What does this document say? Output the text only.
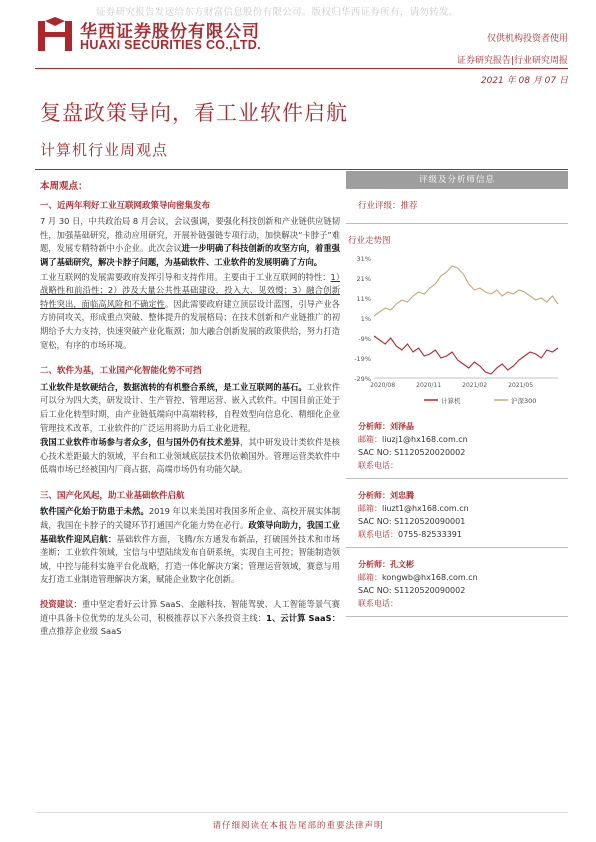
证券研究报告发送给东方财富信息股份有限公司。版权归华西证券所有，请勿转发。
华西证券股份有限公司
HUAXI SECURITIES CO.,LTD.	仅供机构投资者使用
证券研究报告|行业研究周报
2021 年 08 月 07 日
复盘政策导向，看工业软件启航
计算机行业周观点
本周观点：
一、近两年利好工业互联网政策导向密集发布

7 月 30 日，中共政治局 8 月会议，会议强调，要强化科技创新和产业链供应链韧性，加强基础研究，推动应用研究，开展补链强链专项行动，加快解决“卡脖子”难题，发展专精特新中小企业。此次会议进一步明确了科技创新的攻坚方向，着重强调了基础研究，解决卡脖子问题，为基础软件、工业软件的发展明确了方向。

工业互联网的发展需要政府发挥引导和支持作用。主要由于工业互联网的特性：1）战略性和前沿性；2）涉及大量公共性基础建设，投入大、见效慢；3）融合创新特性突出，面临高风险和不确定性。因此需要政府建立顶层设计蓝图，引导产业各方协同攻关，形成重点突破、整体提升的发展格局；在技术创新和产业链推广的初期给予大力支持，快速突破产业化瓶颈；加大融合创新发展的政策供给，努力打造宽松，有序的市场环境。

二、软件为基，工业国产化智能化势不可挡

工业软件是软硬结合，数据流转的有机整合系统，是工业互联网的基石。工业软件可以分为四大类，研发设计、生产管控、管理运营、嵌入式软件。中国目前正处于后工业化转型时期，由产业链低端向中高端转移，自程效型向信息化、精细化企业管理技术改革，工业软件的广泛运用将助力后工业化进程。

我国工业软件市场参与者众多，但与国外仍有技术差异，其中研发设计类软件是核心技术差距最大的领域，平台和工业领域底层技术仍依赖国外。管理运营类软件中低端市场已经被国内厂商占据，高端市场仍有功能欠缺。

三、国产化风起，助工业基础软件启航

软件国产化始于防患于未然。2019 年以来美国对我国多所企业、高校开展实体制裁，我国在卡脖子的关键环节打通国产化能力势在必行。政策导向助力，我国工业基础软件迎风启航：基础软件方面，飞腾/东方通发布新品，打破国外技术和市场垄断；工业软件领域，宝信与中望陆续发布自研系统，实现自主可控；智能制造领域，中控与能科实施平台化战略，打造一体化解决方案；管理运营领域，赛意与用友打造工业制造管理解决方案，赋能企业数字化创新。

投资建议：重中坚定看好云计算 SaaS、金融科技、智能驾驶、人工智能等景气赛道中具备卡位优势的龙头公司，积极推荐以下六条投资主线：1、云计算 SaaS：重点推荐企业级 SaaS

评级及分析师信息
行业评级：推荐
行业走势图
31%
21%
11%
1%
-9%
-19%
-29%
2020/08	2020/11	2021/02	2021/05
计算机	沪深300
分析师：刘泽晶
邮箱：liuzj1@hx168.com.cn
SAC NO: S1120520020002
联系电话：
分析师：刘忠腾
邮箱：liuzt1@hx168.com.cn
SAC NO: S1120520090001
联系电话：0755-82533391
分析师：孔文彬
邮箱：kongwb@hx168.com.cn
SAC NO: S1120520090002
联系电话：
请仔细阅读在本报告尾部的重要法律声明
